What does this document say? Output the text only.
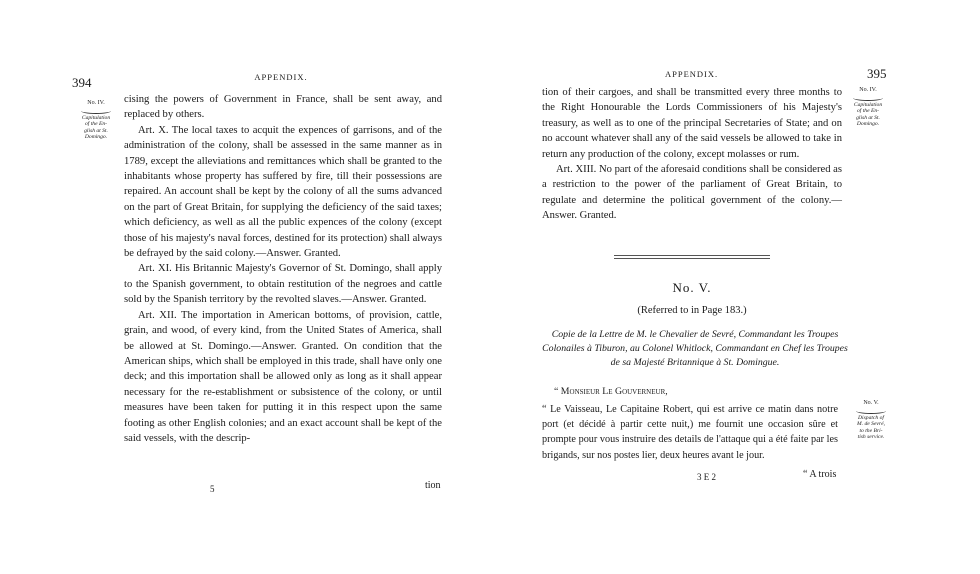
394	APPENDIX.
No. IV.
Capitulation
of the En-
glish at St.
Domingo.

cising the powers of Government in France, shall be sent away, and replaced by others.

Art. X. The local taxes to acquit the expences of garrisons, and of the administration of the colony, shall be assessed in the same manner as in 1789, except the alleviations and remittances which shall be granted to the inhabitants whose property has suffered by fire, till their possessions are repaired. An account shall be kept by the colony of all the sums advanced on the part of Great Britain, for supplying the deficiency of the said taxes; which deficiency, as well as all the public expences of the colony (except those of his majesty's naval forces, destined for its protection) shall always be defrayed by the said colony.—Answer. Granted.

Art. XI. His Britannic Majesty's Governor of St. Domingo, shall apply to the Spanish government, to obtain restitution of the negroes and cattle sold by the Spanish territory by the revolted slaves.—Answer. Granted.

Art. XII. The importation in American bottoms, of provision, cattle, grain, and wood, of every kind, from the United States of America, shall be allowed at St. Domingo.—Answer. Granted. On condition that the American ships, which shall be employed in this trade, shall have only one deck; and this importation shall be allowed only as long as it shall appear necessary for the re-establishment or subsistence of the colony, or until measures have been taken for putting it in this respect upon the same footing as other English colonies; and an exact account shall be kept of the said vessels, with the descrip-

5	tion
APPENDIX.	395
No. IV.
Capitulation
of the En-
glish at St.
Domingo.

tion of their cargoes, and shall be transmitted every three months to the Right Honourable the Lords Commissioners of his Majesty's treasury, as well as to one of the principal Secretaries of State; and on no account whatever shall any of the said vessels be allowed to take in return any production of the colony, except molasses or rum.

Art. XIII. No part of the aforesaid conditions shall be considered as a restriction to the power of the parliament of Great Britain, to regulate and determine the political government of the colony.—Answer. Granted.

No. V.
(Referred to in Page 183.)
Copie de la Lettre de M. le Chevalier de Sevré, Commandant les Troupes Colonailes à Tiburon, au Colonel Whitlock, Commandant en Chef les Troupes de sa Majesté Britannique à St. Domingue.
“ Monsieur Le Gouverneur,
“ Le Vaisseau, Le Capitaine Robert, qui est arrive ce matin dans notre port (et décidé à partir cette nuit,) me fournit une occasion sûre et prompte pour vous instruire des details de l'attaque qui a été faite par les brigands, sur nos postes lier, deux heures avant le jour.
No. V.
Dispatch of
M. de Sevré,
to the Bri-
tish service.
3 E 2	“ A trois
